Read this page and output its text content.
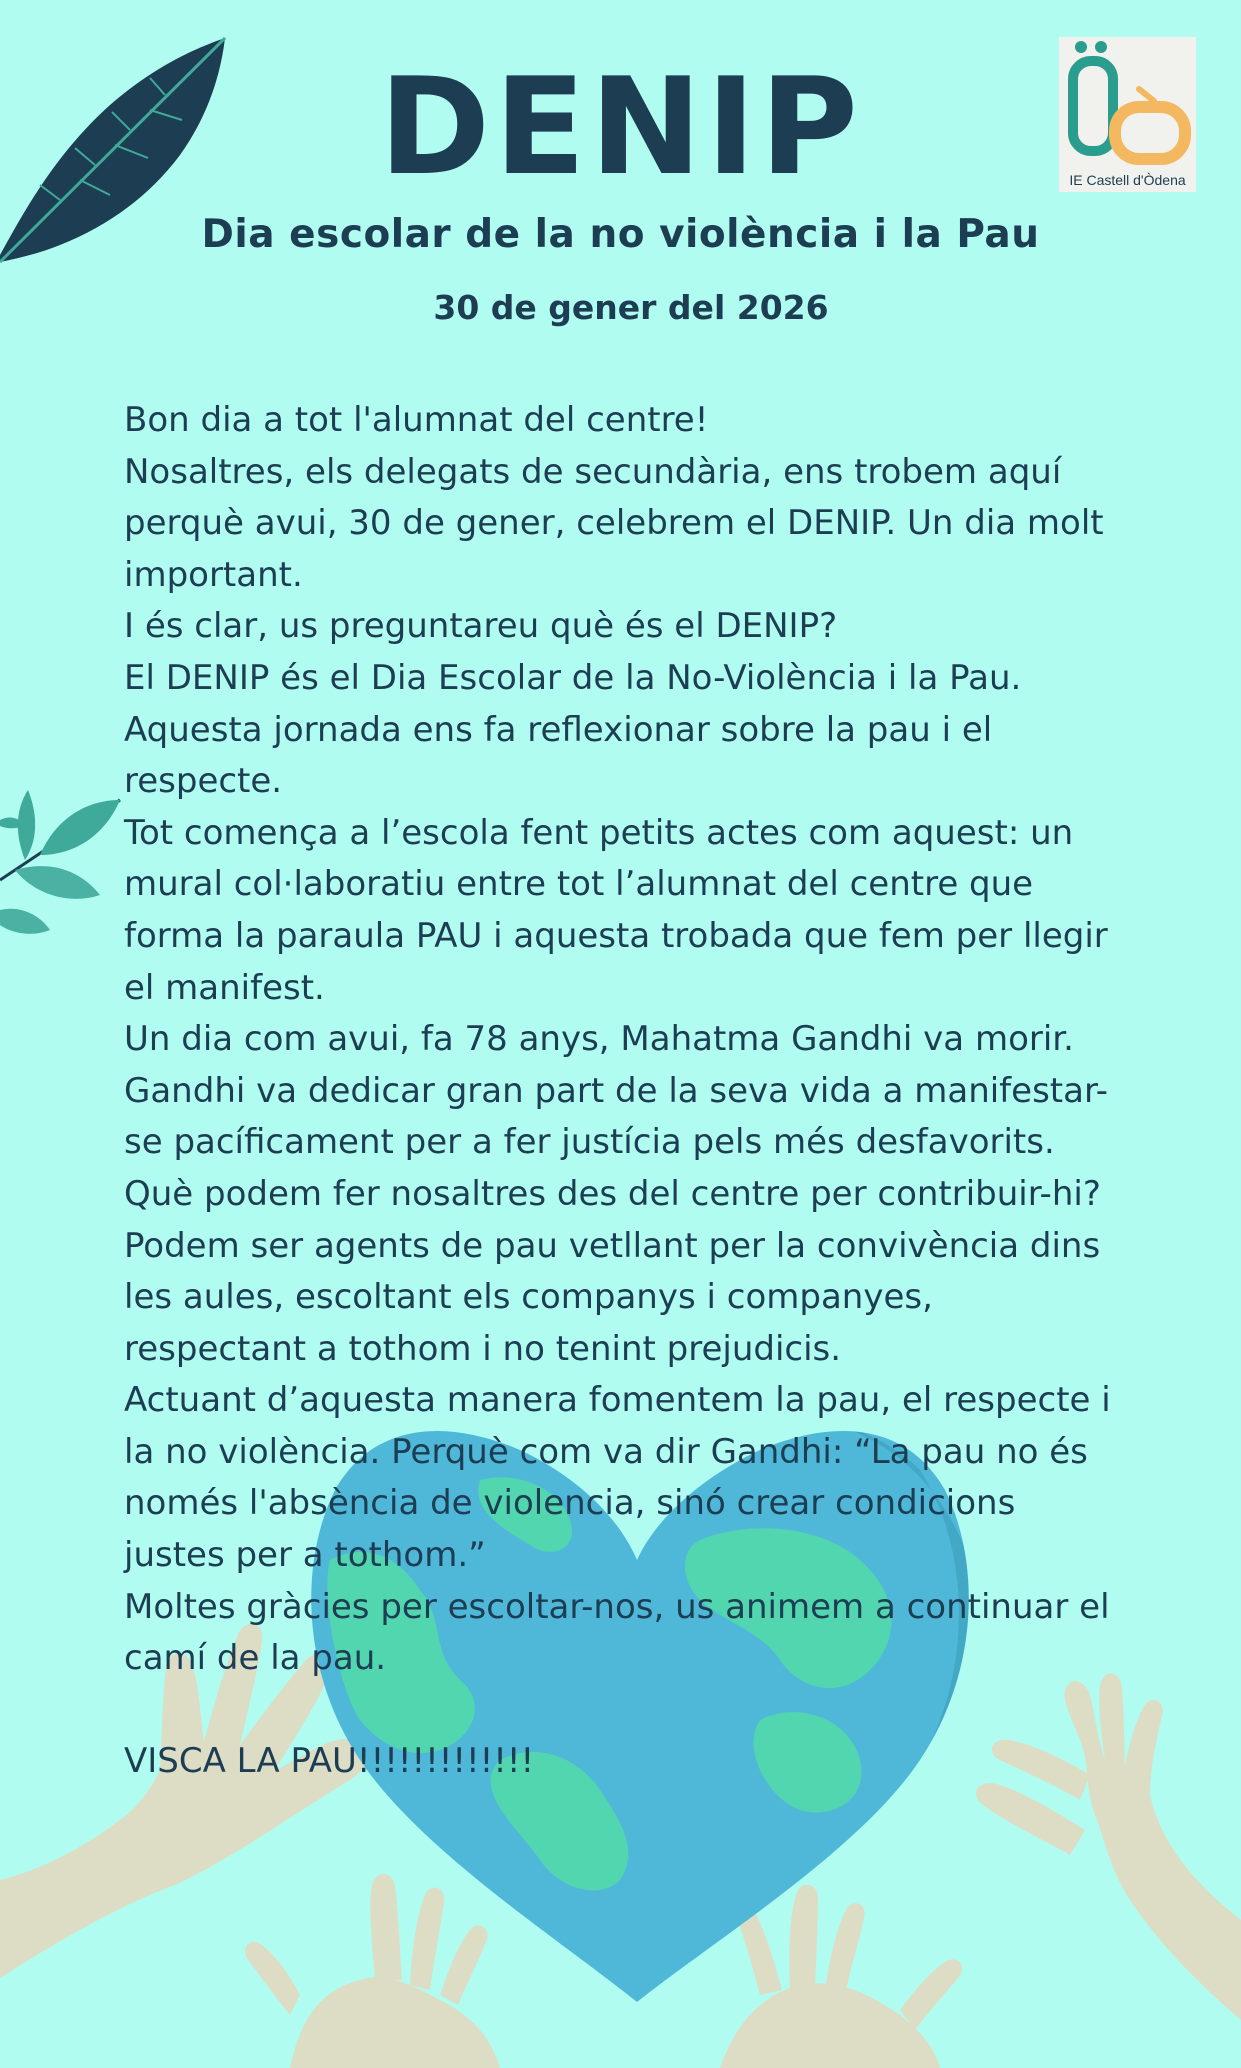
DENIP
Dia escolar de la no violència i la Pau
30 de gener del 2026
IE Castell d'Òdena

Bon dia a tot l'alumnat del centre!

Nosaltres, els delegats de secundària, ens trobem aquí perquè avui, 30 de gener, celebrem el DENIP. Un dia molt important.

I és clar, us preguntareu què és el DENIP?

El DENIP és el Dia Escolar de la No-Violència i la Pau. Aquesta jornada ens fa reflexionar sobre la pau i el respecte.

Tot comença a l’escola fent petits actes com aquest: un mural col·laboratiu entre tot l’alumnat del centre que forma la paraula PAU i aquesta trobada que fem per llegir el manifest.

Un dia com avui, fa 78 anys, Mahatma Gandhi va morir. Gandhi va dedicar gran part de la seva vida a manifestar-se pacíficament per a fer justícia pels més desfavorits.

Què podem fer nosaltres des del centre per contribuir-hi?

Podem ser agents de pau vetllant per la convivència dins les aules, escoltant els companys i companyes, respectant a tothom i no tenint prejudicis.

Actuant d’aquesta manera fomentem la pau, el respecte i la no violència. Perquè com va dir Gandhi: “La pau no és només l'absència de violencia, sinó crear condicions justes per a tothom.”

Moltes gràcies per escoltar-nos, us animem a continuar el camí de la pau.

VISCA LA PAU!!!!!!!!!!!!!
